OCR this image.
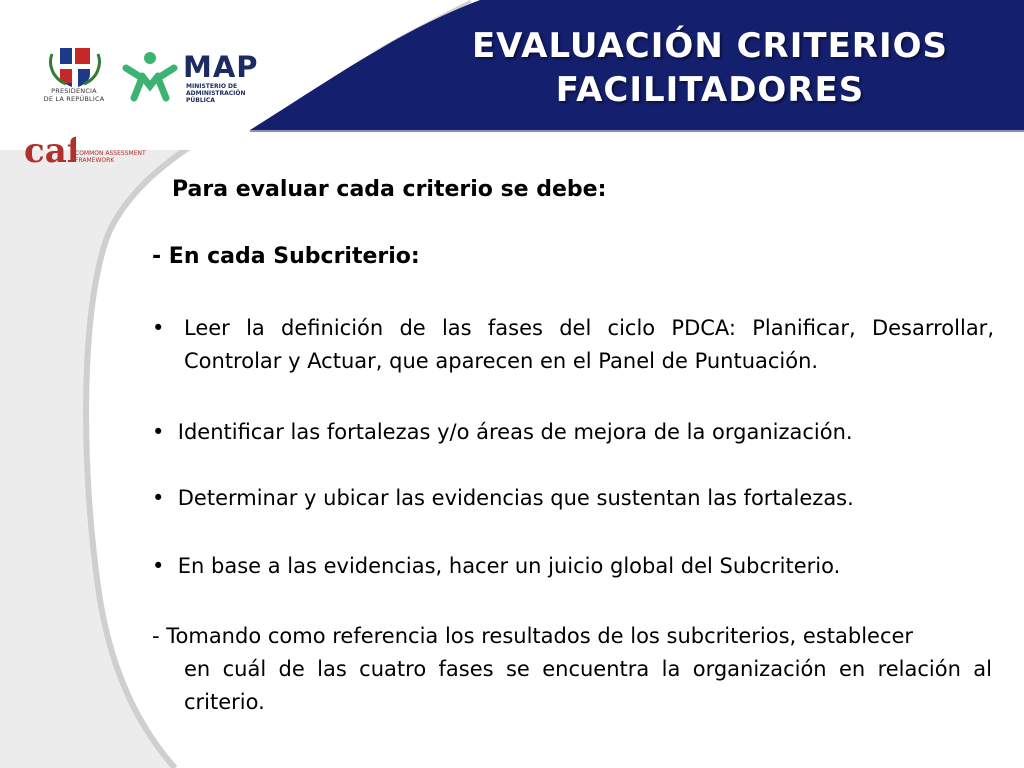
PRESIDENCIA
DE LA REPÚBLICA
MAP
MINISTERIO DE
ADMINISTRACIÓN
PÚBLICA
caf
COMMON ASSESSMENT
FRAMEWORK
EVALUACIÓN CRITERIOS
FACILITADORES
Para evaluar cada criterio se debe:
- En cada Subcriterio:
• Leer la definición de las fases del ciclo PDCA: Planificar, Desarrollar, Controlar y Actuar, que aparecen en el Panel de Puntuación.
• Identificar las fortalezas y/o áreas de mejora de la organización.
• Determinar y ubicar las evidencias que sustentan las fortalezas.
• En base a las evidencias, hacer un juicio global del Subcriterio.
- Tomando como referencia los resultados de los subcriterios, establecer
en cuál de las cuatro fases se encuentra la organización en relación al criterio.
